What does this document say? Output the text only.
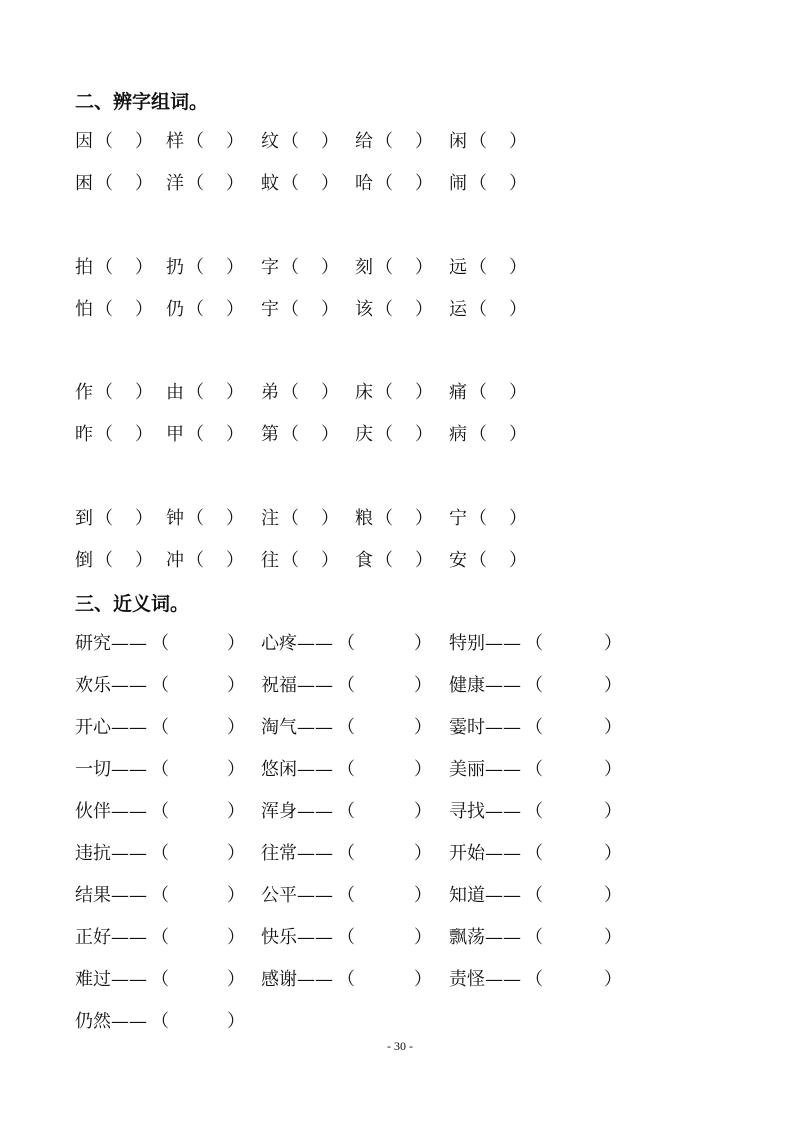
二、辨字组词。
因 （ ） 样 （ ） 纹 （ ） 给 （ ） 闲 （ ）
困 （ ） 洋 （ ） 蚊 （ ） 哈 （ ） 闹 （ ）
拍 （ ） 扔 （ ） 字 （ ） 刻 （ ） 远 （ ）
怕 （ ） 仍 （ ） 宇 （ ） 该 （ ） 运 （ ）
作 （ ） 由 （ ） 弟 （ ） 床 （ ） 痛 （ ）
昨 （ ） 甲 （ ） 第 （ ） 庆 （ ） 病 （ ）
到 （ ） 钟 （ ） 注 （ ） 粮 （ ） 宁 （ ）
倒 （ ） 冲 （ ） 往 （ ） 食 （ ） 安 （ ）
三、近义词。
研究—— （	） 心疼—— （	） 特别—— （	）
欢乐—— （	） 祝福—— （	） 健康—— （	）
开心—— （	） 淘气—— （	） 霎时—— （	）
一切—— （	） 悠闲—— （	） 美丽—— （	）
伙伴—— （	） 浑身—— （	） 寻找—— （	）
违抗—— （	） 往常—— （	） 开始—— （	）
结果—— （	） 公平—— （	） 知道—— （	）
正好—— （	） 快乐—— （	） 飘荡—— （	）
难过—— （	） 感谢—— （	） 责怪—— （	）
仍然—— （	）
- 30 -
